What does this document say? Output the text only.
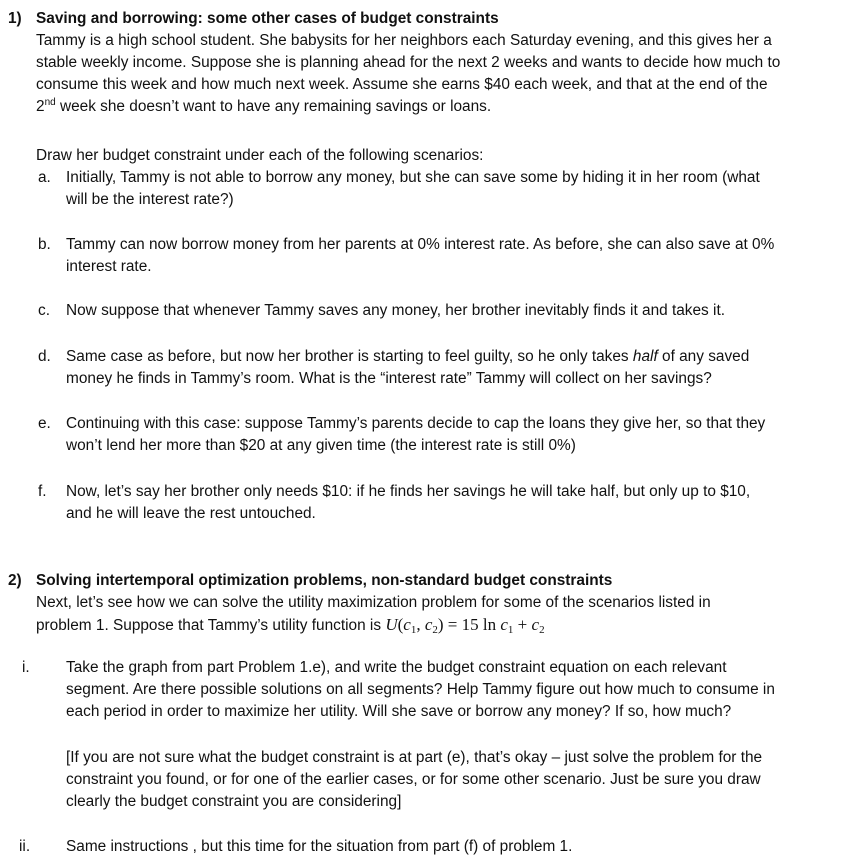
1) Saving and borrowing: some other cases of budget constraints
Tammy is a high school student. She babysits for her neighbors each Saturday evening, and this gives her a
stable weekly income. Suppose she is planning ahead for the next 2 weeks and wants to decide how much to
consume this week and how much next week. Assume she earns $40 each week, and that at the end of the
2nd week she doesn’t want to have any remaining savings or loans.
Draw her budget constraint under each of the following scenarios:
a. Initially, Tammy is not able to borrow any money, but she can save some by hiding it in her room (what
will be the interest rate?)
b. Tammy can now borrow money from her parents at 0% interest rate. As before, she can also save at 0%
interest rate.
c. Now suppose that whenever Tammy saves any money, her brother inevitably finds it and takes it.
d. Same case as before, but now her brother is starting to feel guilty, so he only takes half of any saved
money he finds in Tammy’s room. What is the “interest rate” Tammy will collect on her savings?
e. Continuing with this case: suppose Tammy’s parents decide to cap the loans they give her, so that they
won’t lend her more than $20 at any given time (the interest rate is still 0%)
f. Now, let’s say her brother only needs $10: if he finds her savings he will take half, but only up to $10,
and he will leave the rest untouched.
2) Solving intertemporal optimization problems, non-standard budget constraints
Next, let’s see how we can solve the utility maximization problem for some of the scenarios listed in
problem 1. Suppose that Tammy’s utility function is $U(c_1$, $c_2) = 15$ $\ln c_1 + c_2$
i. Take the graph from part Problem 1.e), and write the budget constraint equation on each relevant
segment. Are there possible solutions on all segments? Help Tammy figure out how much to consume in
each period in order to maximize her utility. Will she save or borrow any money? If so, how much?
[If you are not sure what the budget constraint is at part (e), that’s okay – just solve the problem for the
constraint you found, or for one of the earlier cases, or for some other scenario. Just be sure you draw
clearly the budget constraint you are considering]
ii. Same instructions , but this time for the situation from part (f) of problem 1.
